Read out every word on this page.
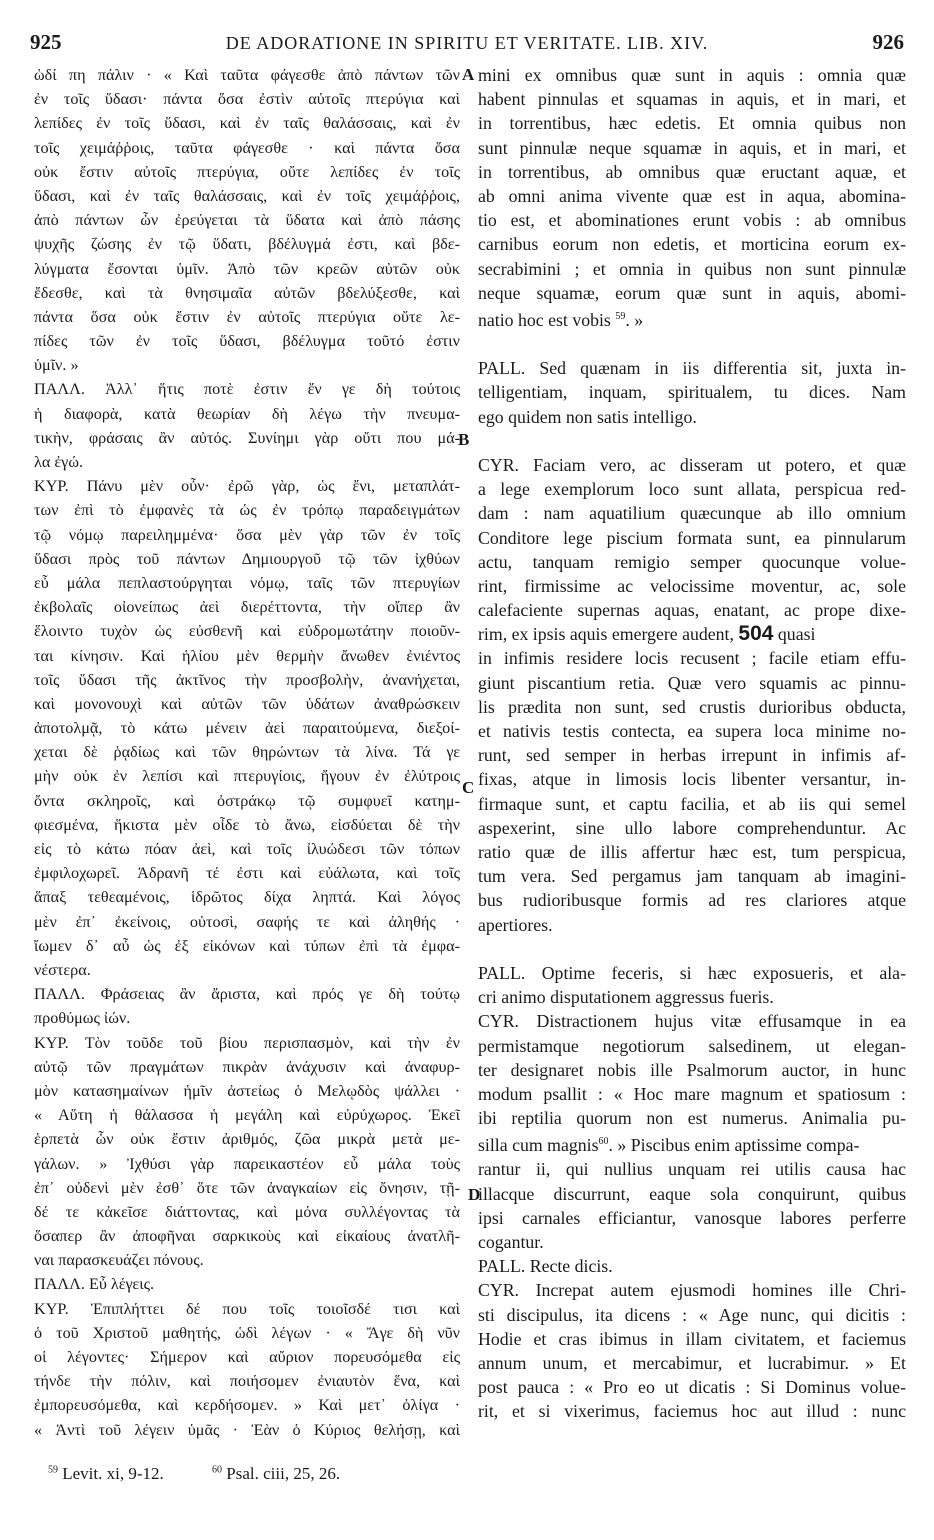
925	DE ADORATIONE IN SPIRITU ET VERITATE. LIB. XIV.	926
A
B
C
D
ὡδί πη πάλιν · « Καὶ ταῦτα φάγεσθε ἀπὸ πάντων τῶν
ἐν τοῖς ὕδασι· πάντα ὅσα ἐστὶν αὐτοῖς πτερύγια καὶ
λεπίδες ἐν τοῖς ὕδασι, καὶ ἐν ταῖς θαλάσσαις, καὶ ἐν
τοῖς χειμάῤῥοις, ταῦτα φάγεσθε · καὶ πάντα ὅσα
οὐκ ἔστιν αὐτοῖς πτερύγια, οὔτε λεπίδες ἐν τοῖς
ὕδασι, καὶ ἐν ταῖς θαλάσσαις, καὶ ἐν τοῖς χειμάῤῥοις,
ἀπὸ πάντων ὧν ἐρεύγεται τὰ ὕδατα καὶ ἀπὸ πάσης
ψυχῆς ζώσης ἐν τῷ ὕδατι, βδέλυγμά ἐστι, καὶ βδε-
λύγματα ἔσονται ὑμῖν. Ἀπὸ τῶν κρεῶν αὐτῶν οὐκ
ἔδεσθε, καὶ τὰ θνησιμαῖα αὐτῶν βδελύξεσθε, καὶ
πάντα ὅσα οὐκ ἔστιν ἐν αὐτοῖς πτερύγια οὔτε λε-
πίδες τῶν ἐν τοῖς ὕδασι, βδέλυγμα τοῦτό ἐστιν
ὑμῖν. »
ΠΑΛΛ. Ἀλλ᾽ ἥτις ποτὲ ἐστιν ἔν γε δὴ τούτοις
ἡ διαφορὰ, κατὰ θεωρίαν δὴ λέγω τὴν πνευμα-
τικὴν, φράσαις ἂν αὐτός. Συνίημι γὰρ οὔτι που μά-
λα ἐγώ.
ΚΥΡ. Πάνυ μὲν οὖν· ἐρῶ γὰρ, ὡς ἔνι, μεταπλάτ-
των ἐπὶ τὸ ἐμφανὲς τὰ ὡς ἐν τρόπῳ παραδειγμάτων
τῷ νόμῳ παρειλημμένα· ὅσα μὲν γὰρ τῶν ἐν τοῖς
ὕδασι πρὸς τοῦ πάντων Δημιουργοῦ τῷ τῶν ἰχθύων
εὖ μάλα πεπλαστούργηται νόμῳ, ταῖς τῶν πτερυγίων
ἐκβολαῖς οἰονείπως ἀεὶ διερέττοντα, τὴν οἴπερ ἂν
ἕλοιντο τυχὸν ὡς εὐσθενῆ καὶ εὐδρομωτάτην ποιοῦν-
ται κίνησιν. Καὶ ἡλίου μὲν θερμὴν ἄνωθεν ἐνιέντος
τοῖς ὕδασι τῆς ἀκτῖνος τὴν προσβολὴν, ἀνανήχεται,
καὶ μονονουχὶ καὶ αὐτῶν τῶν ὑδάτων ἀναθρώσκειν
ἀποτολμᾷ, τὸ κάτω μένειν ἀεὶ παραιτούμενα, διεξοί-
χεται δὲ ῥᾳδίως καὶ τῶν θηρώντων τὰ λίνα. Τά γε
μὴν οὐκ ἐν λεπίσι καὶ πτερυγίοις, ἤγουν ἐν ἐλύτροις
ὄντα σκληροῖς, καὶ ὀστράκῳ τῷ συμφυεῖ κατημ-
φιεσμένα, ἥκιστα μὲν οἶδε τὸ ἄνω, εἰσδύεται δὲ τὴν
εἰς τὸ κάτω πόαν ἀεὶ, καὶ τοῖς ἰλυώδεσι τῶν τόπων
ἐμφιλοχωρεῖ. Ἀδρανῆ τέ ἐστι καὶ εὐάλωτα, καὶ τοῖς
ἅπαξ τεθεαμένοις, ἱδρῶτος δίχα ληπτά. Καὶ λόγος
μὲν ἐπ᾽ ἐκείνοις, οὑτοσὶ, σαφής τε καὶ ἀληθής ·
ἴωμεν δ᾽ αὖ ὡς ἐξ εἰκόνων καὶ τύπων ἐπὶ τὰ ἐμφα-
νέστερα.
ΠΑΛΛ. Φράσειας ἂν ἄριστα, καὶ πρός γε δὴ τούτῳ
προθύμως ἰών.
ΚΥΡ. Τὸν τοῦδε τοῦ βίου περισπασμὸν, καὶ τὴν ἐν
αὐτῷ τῶν πραγμάτων πικρὰν ἀνάχυσιν καὶ ἀναφυρ-
μὸν κατασημαίνων ἡμῖν ἀστείως ὁ Μελῳδὸς ψάλλει ·
« Αὕτη ἡ θάλασσα ἡ μεγάλη καὶ εὐρύχωρος. Ἐκεῖ
ἑρπετὰ ὧν οὐκ ἔστιν ἀριθμός, ζῶα μικρὰ μετὰ με-
γάλων. » Ἰχθύσι γὰρ παρεικαστέον εὖ μάλα τοὺς
ἐπ᾽ οὐδενὶ μὲν ἐσθ᾽ ὅτε τῶν ἀναγκαίων εἰς ὄνησιν, τῇ-
δέ τε κἀκεῖσε διάττοντας, καὶ μόνα συλλέγοντας τὰ
ὅσαπερ ἂν ἀποφῆναι σαρκικοὺς καὶ εἰκαίους ἀνατλῆ-
ναι παρασκευάζει πόνους.
ΠΑΛΛ. Εὖ λέγεις.
ΚΥΡ. Ἐπιπλήττει δέ που τοῖς τοιοῖσδέ τισι καὶ
ὁ τοῦ Χριστοῦ μαθητής, ὡδὶ λέγων · « Ἄγε δὴ νῦν
οἱ λέγοντες· Σήμερον καὶ αὔριον πορευσόμεθα εἰς
τήνδε τὴν πόλιν, καὶ ποιήσομεν ἐνιαυτὸν ἕνα, καὶ
ἐμπορευσόμεθα, καὶ κερδήσομεν. » Καὶ μετ᾽ ὀλίγα ·
« Ἀντὶ τοῦ λέγειν ὑμᾶς · Ἐὰν ὁ Κύριος θελήσῃ, καὶ
mini ex omnibus quæ sunt in aquis : omnia quæ
habent pinnulas et squamas in aquis, et in mari, et
in torrentibus, hæc edetis. Et omnia quibus non
sunt pinnulæ neque squamæ in aquis, et in mari, et
in torrentibus, ab omnibus quæ eructant aquæ, et
ab omni anima vivente quæ est in aqua, abomina-
tio est, et abominationes erunt vobis : ab omnibus
carnibus eorum non edetis, et morticina eorum ex-
secrabimini ; et omnia in quibus non sunt pinnulæ
neque squamæ, eorum quæ sunt in aquis, abomi-
natio hoc est vobis $^{59}$. »
PALL. Sed quænam in iis differentia sit, juxta in-
telligentiam, inquam, spiritualem, tu dices. Nam
ego quidem non satis intelligo.
CYR. Faciam vero, ac disseram ut potero, et quæ
a lege exemplorum loco sunt allata, perspicua red-
dam : nam aquatilium quæcunque ab illo omnium
Conditore lege piscium formata sunt, ea pinnularum
actu, tanquam remigio semper quocunque volue-
rint, firmissime ac velocissime moventur, ac, sole
calefaciente supernas aquas, enatant, ac prope dixe-
rim, ex ipsis aquis emergere audent, 504 quasi
in infimis residere locis recusent ; facile etiam effu-
giunt piscantium retia. Quæ vero squamis ac pinnu-
lis prædita non sunt, sed crustis durioribus obducta,
et nativis testis contecta, ea supera loca minime no-
runt, sed semper in herbas irrepunt in infimis af-
fixas, atque in limosis locis libenter versantur, in-
firmaque sunt, et captu facilia, et ab iis qui semel
aspexerint, sine ullo labore comprehenduntur. Ac
ratio quæ de illis affertur hæc est, tum perspicua,
tum vera. Sed pergamus jam tanquam ab imagini-
bus rudioribusque formis ad res clariores atque
apertiores.
PALL. Optime feceris, si hæc exposueris, et ala-
cri animo disputationem aggressus fueris.
CYR. Distractionem hujus vitæ effusamque in ea
permistamque negotiorum salsedinem, ut elegan-
ter designaret nobis ille Psalmorum auctor, in hunc
modum psallit : « Hoc mare magnum et spatiosum :
ibi reptilia quorum non est numerus. Animalia pu-
silla cum magnis$^{60}$. » Piscibus enim aptissime compa-
rantur ii, qui nullius unquam rei utilis causa hac
illacque discurrunt, eaque sola conquirunt, quibus
ipsi carnales efficiantur, vanosque labores perferre
cogantur.
PALL. Recte dicis.
CYR. Increpat autem ejusmodi homines ille Chri-
sti discipulus, ita dicens : « Age nunc, qui dicitis :
Hodie et cras ibimus in illam civitatem, et faciemus
annum unum, et mercabimur, et lucrabimur. » Et
post pauca : « Pro eo ut dicatis : Si Dominus volue-
rit, et si vixerimus, faciemus hoc aut illud : nunc
$^{59}$ Levit. xi, 9-12.	$^{60}$ Psal. ciii, 25, 26.
